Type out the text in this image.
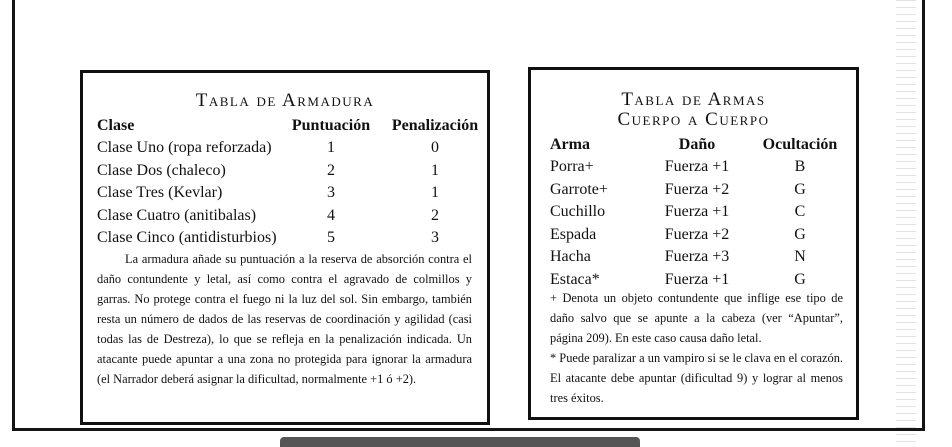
Tabla de Armadura
Clase	Puntuación	Penalización
Clase Uno (ropa reforzada)	1	0
Clase Dos (chaleco)	2	1
Clase Tres (Kevlar)	3	1
Clase Cuatro (anitibalas)	4	2
Clase Cinco (antidisturbios)	5	3
La armadura añade su puntuación a la reserva de absorción contra el daño contundente y letal, así como contra el agravado de colmillos y garras. No protege contra el fuego ni la luz del sol. Sin embargo, también resta un número de dados de las reservas de coordinación y agilidad (casi todas las de Destreza), lo que se refleja en la penalización indicada. Un atacante puede apuntar a una zona no protegida para ignorar la armadura (el Narrador deberá asignar la dificultad, normalmente +1 ó +2).
Tabla de Armas
Cuerpo a Cuerpo
Arma	Daño	Ocultación
Porra+	Fuerza +1	B
Garrote+	Fuerza +2	G
Cuchillo	Fuerza +1	C
Espada	Fuerza +2	G
Hacha	Fuerza +3	N
Estaca*	Fuerza +1	G
+ Denota un objeto contundente que inflige ese tipo de daño salvo que se apunte a la cabeza (ver “Apuntar”, página 209). En este caso causa daño letal.
* Puede paralizar a un vampiro si se le clava en el corazón. El atacante debe apuntar (dificultad 9) y lograr al menos tres éxitos.
